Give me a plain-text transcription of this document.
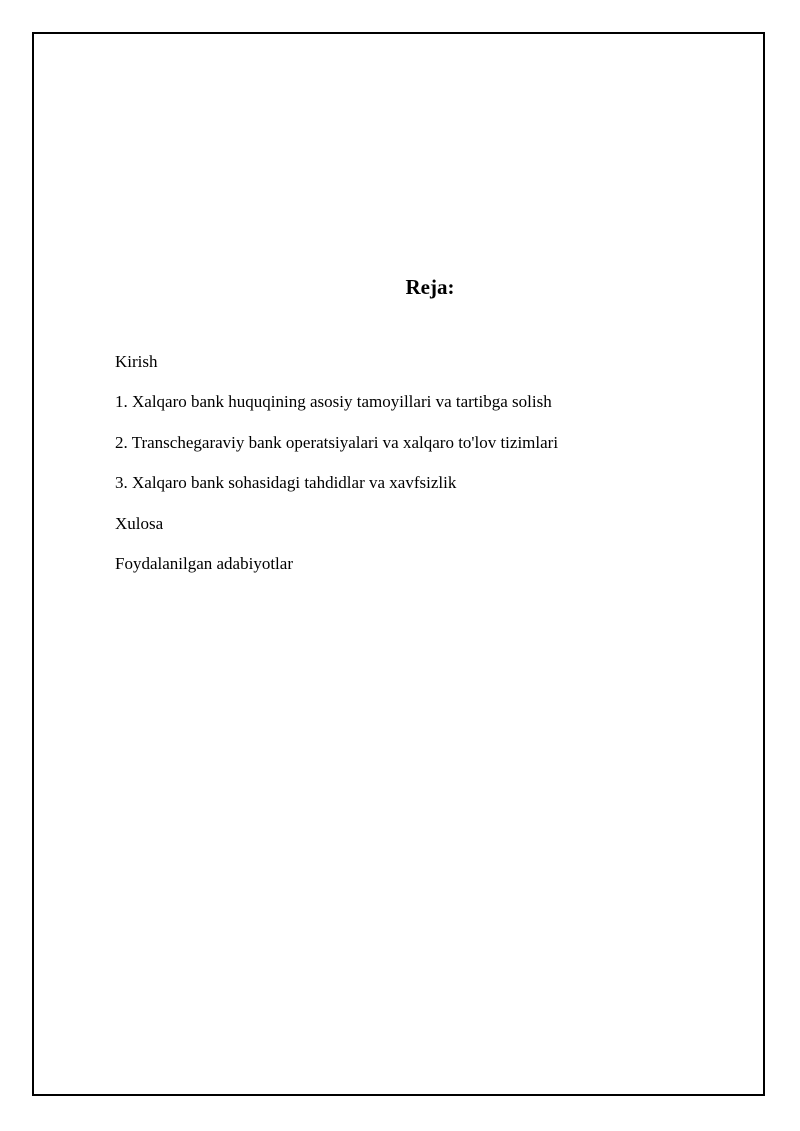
Reja:
Kirish
1. Xalqaro bank huquqining asosiy tamoyillari va tartibga solish
2. Transchegaraviy bank operatsiyalari va xalqaro to'lov tizimlari
3. Xalqaro bank sohasidagi tahdidlar va xavfsizlik
Xulosa
Foydalanilgan adabiyotlar
